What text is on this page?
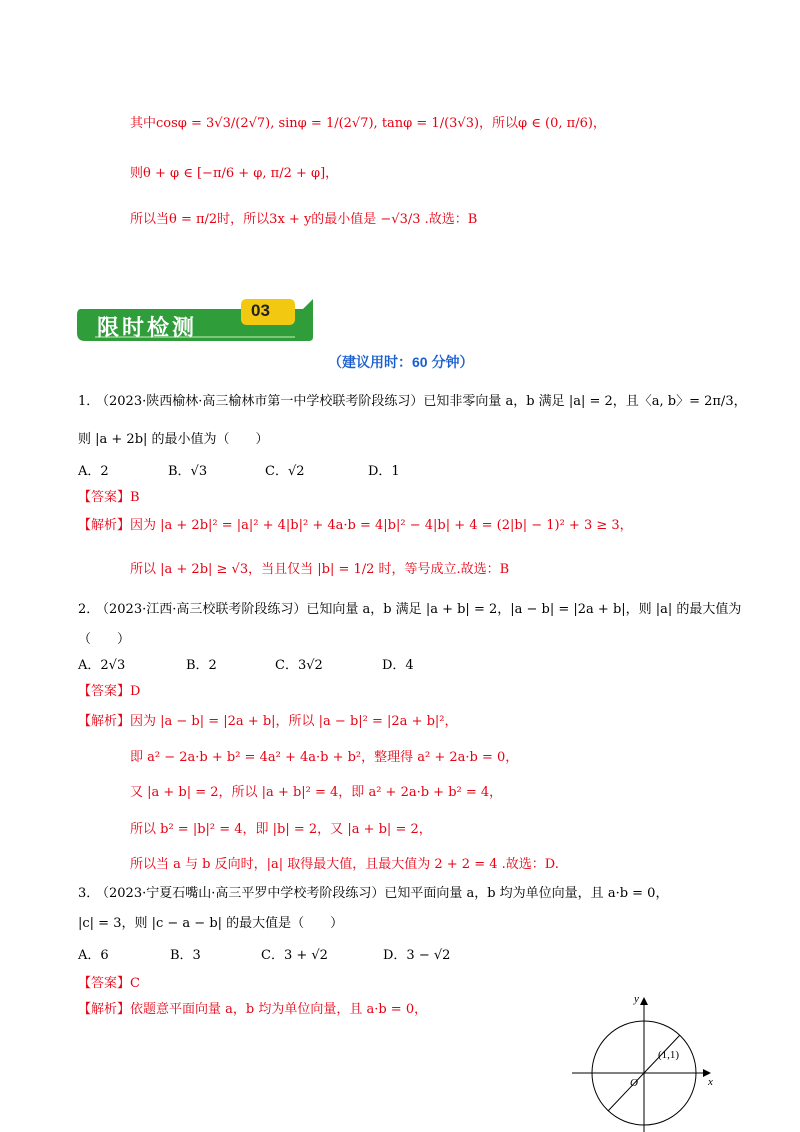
其中cosφ = 3√3/(2√7), sinφ = 1/(2√7), tanφ = 1/(3√3)，所以φ ∈ (0, π/6)，
则θ + φ ∈ [−π/6 + φ, π/2 + φ]，
所以当θ = π/2时，所以3x + y的最小值是 −√3/3 .故选：B
限时检测
03
（建议用时：60 分钟）
1．
（2023·陕西榆林·高三榆林市第一中学校联考阶段练习）已知非零向量 a，b 满足 |a| = 2，且〈a, b〉= 2π/3，
则 |a + 2b| 的最小值为（　　）
A．2	B．√3	C．√2	D．1
【答案】B
【解析】 因为 |a + 2b|² = |a|² + 4|b|² + 4a·b = 4|b|² − 4|b| + 4 = (2|b| − 1)² + 3 ≥ 3，
所以 |a + 2b| ≥ √3，当且仅当 |b| = 1/2 时，等号成立.故选：B
2．
（2023·江西·高三校联考阶段练习）已知向量 a，b 满足 |a + b| = 2，|a − b| = |2a + b|，则 |a| 的最大值为
（　　）
A．2√3	B．2	C．3√2	D．4
【答案】D
【解析】 因为 |a − b| = |2a + b|，所以 |a − b|² = |2a + b|²，
即 a² − 2a·b + b² = 4a² + 4a·b + b²，整理得 a² + 2a·b = 0，
又 |a + b| = 2，所以 |a + b|² = 4，即 a² + 2a·b + b² = 4，
所以 b² = |b|² = 4，即 |b| = 2，又 |a + b| = 2，
所以当 a 与 b 反向时，|a| 取得最大值，且最大值为 2 + 2 = 4 .故选：D.
3．
（2023·宁夏石嘴山·高三平罗中学校考阶段练习）已知平面向量 a，b 均为单位向量，且 a·b = 0，
|c| = 3，则 |c − a − b| 的最大值是（　　）
A．6	B．3	C．3 + √2	D．3 − √2
【答案】C
【解析】 依题意平面向量 a，b 均为单位向量，且 a·b = 0，
y
x
O
(1,1)
